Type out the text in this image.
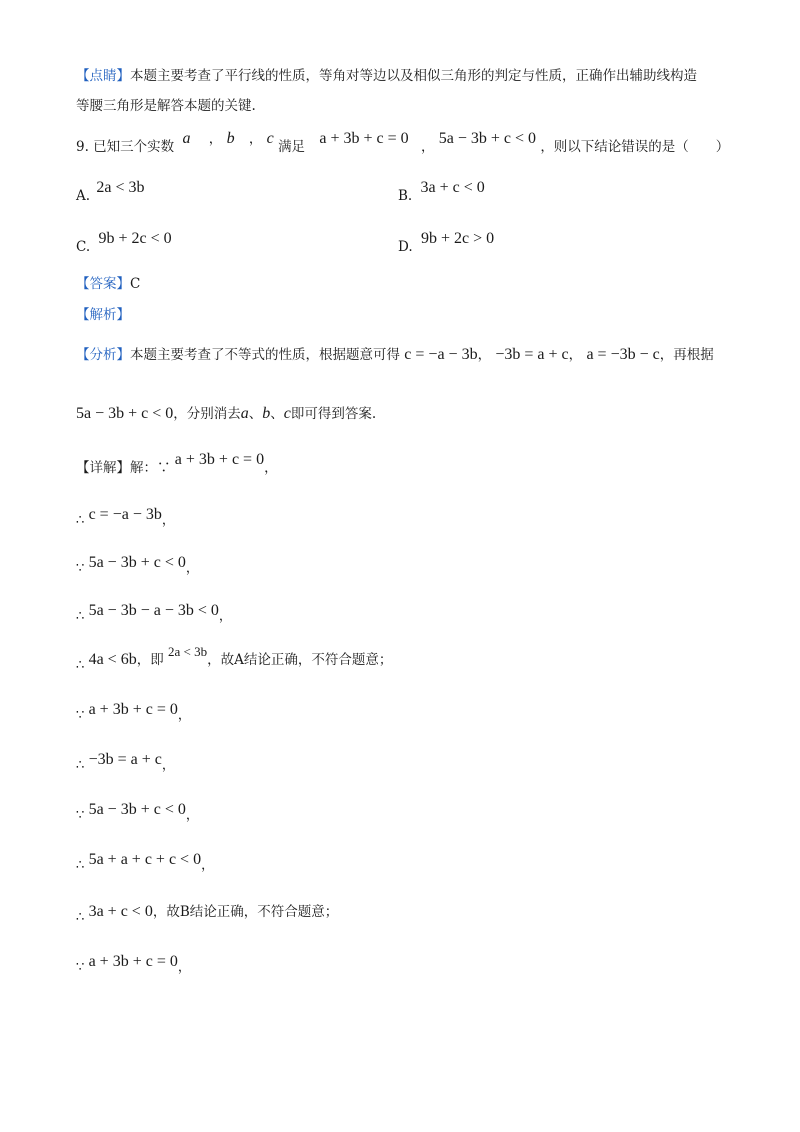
【点睛】本题主要考查了平行线的性质，等角对等边以及相似三角形的判定与性质，正确作出辅助线构造
等腰三角形是解答本题的关键.
9. 已知三个实数 a ， b ， c 满足 a + 3b + c = 0 ， 5a − 3b + c < 0 ，则以下结论错误的是（　　）
A. 2a < 3b	B. 3a + c < 0
C. 9b + 2c < 0	D. 9b + 2c > 0
【答案】C
【解析】
【分析】本题主要考查了不等式的性质，根据题意可得 c = −a − 3b， −3b = a + c， a = −3b − c，再根据
5a − 3b + c < 0，分别消去a、b、c即可得到答案.
【详解】解：∵ a + 3b + c = 0，
∴ c = −a − 3b，
∵ 5a − 3b + c < 0，
∴ 5a − 3b − a − 3b < 0，
∴ 4a < 6b，即 2a < 3b，故A结论正确，不符合题意；
∵ a + 3b + c = 0，
∴ −3b = a + c，
∵ 5a − 3b + c < 0，
∴ 5a + a + c + c < 0，
∴ 3a + c < 0，故B结论正确，不符合题意；
∵ a + 3b + c = 0，
